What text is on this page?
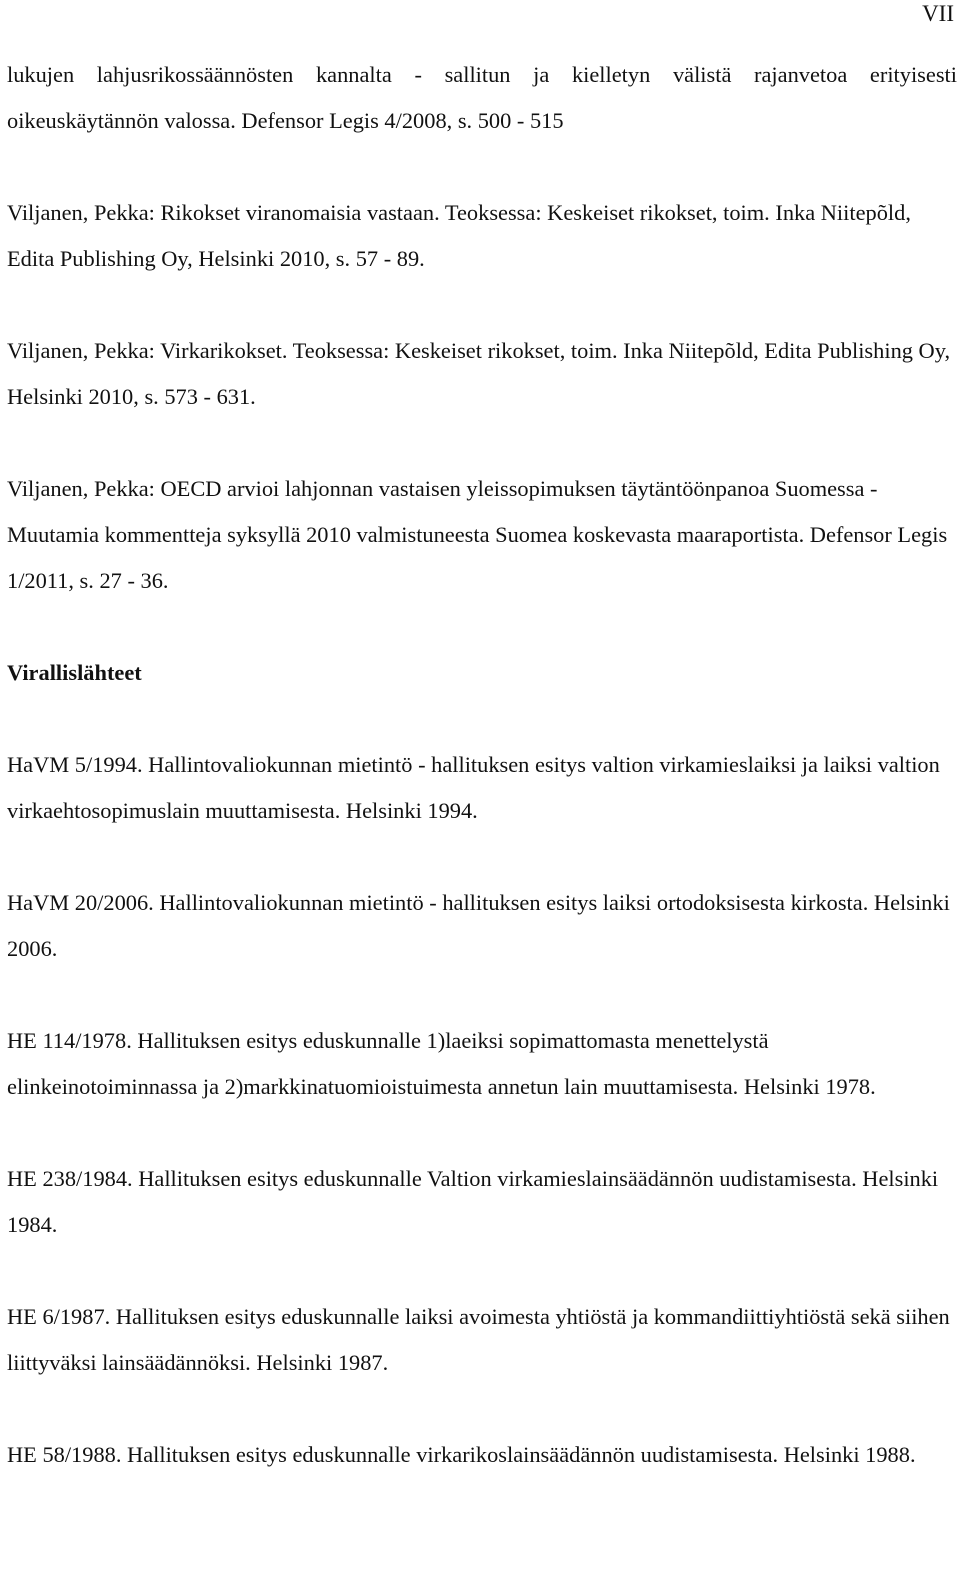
VII

lukujen lahjusrikossäännösten kannalta - sallitun ja kielletyn välistä rajanvetoa erityisesti oikeuskäytännön valossa. Defensor Legis 4/2008, s. 500 - 515

Viljanen, Pekka: Rikokset viranomaisia vastaan. Teoksessa: Keskeiset rikokset, toim. Inka Niitepõld, Edita Publishing Oy, Helsinki 2010, s. 57 - 89.

Viljanen, Pekka: Virkarikokset. Teoksessa: Keskeiset rikokset, toim. Inka Niitepõld, Edita Publishing Oy, Helsinki 2010, s. 573 - 631.

Viljanen, Pekka: OECD arvioi lahjonnan vastaisen yleissopimuksen täytäntöönpanoa Suomessa - Muutamia kommentteja syksyllä 2010 valmistuneesta Suomea koskevasta maaraportista. Defensor Legis 1/2011, s. 27 - 36.

Virallislähteet

HaVM 5/1994. Hallintovaliokunnan mietintö - hallituksen esitys valtion virkamieslaiksi ja laiksi valtion virkaehtosopimuslain muuttamisesta. Helsinki 1994.

HaVM 20/2006. Hallintovaliokunnan mietintö - hallituksen esitys laiksi ortodoksisesta kirkosta. Helsinki 2006.

HE 114/1978. Hallituksen esitys eduskunnalle 1)laeiksi sopimattomasta menettelystä elinkeinotoiminnassa ja 2)markkinatuomioistuimesta annetun lain muuttamisesta. Helsinki 1978.

HE 238/1984. Hallituksen esitys eduskunnalle Valtion virkamieslainsäädännön uudistamisesta. Helsinki 1984.

HE 6/1987. Hallituksen esitys eduskunnalle laiksi avoimesta yhtiöstä ja kommandiittiyhtiöstä sekä siihen liittyväksi lainsäädännöksi. Helsinki 1987.

HE 58/1988. Hallituksen esitys eduskunnalle virkarikoslainsäädännön uudistamisesta. Helsinki 1988.
